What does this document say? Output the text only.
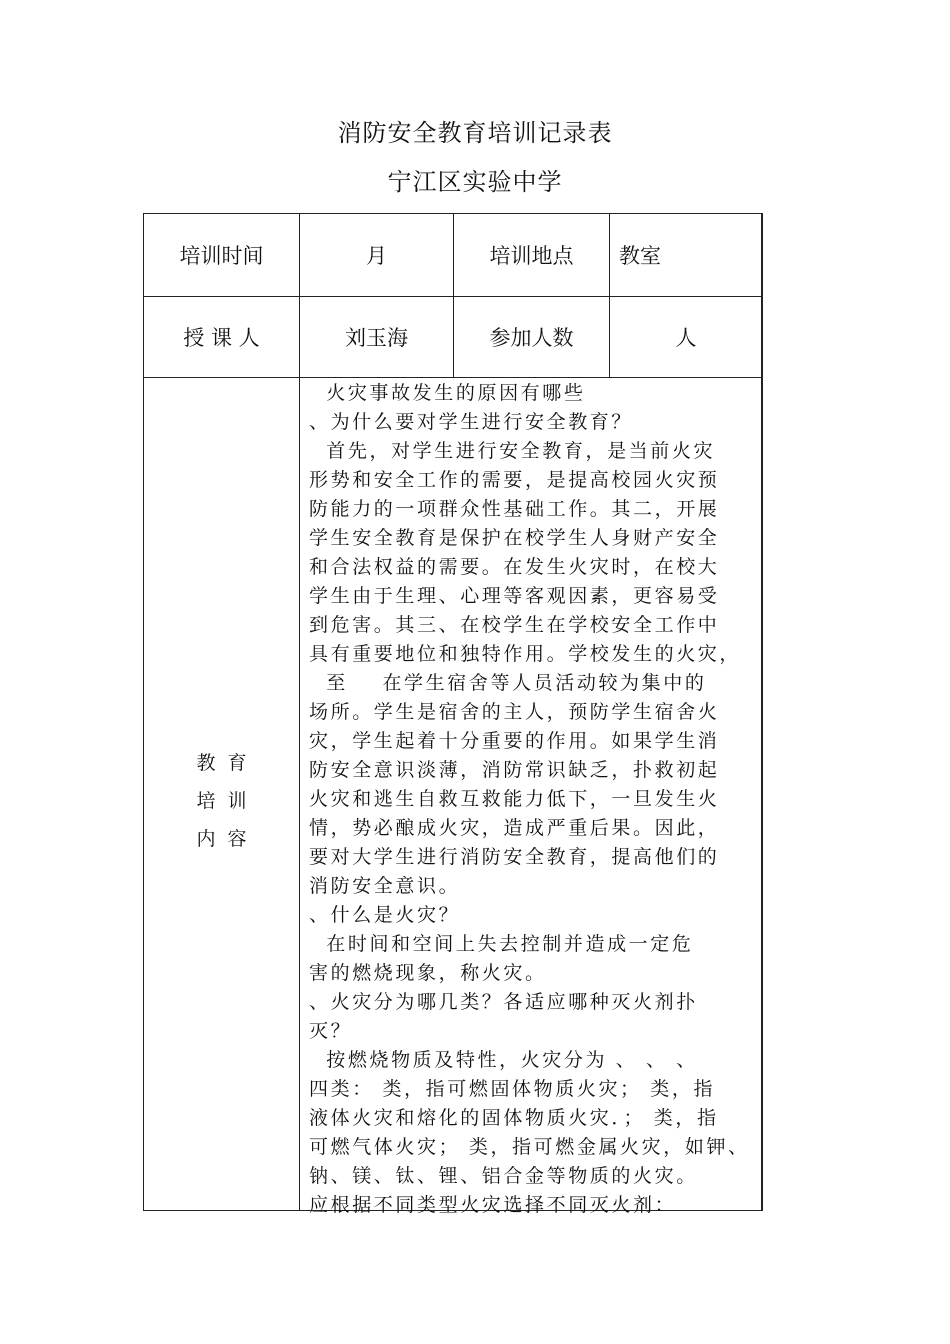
消防安全教育培训记录表
宁江区实验中学
培训时间	月	培训地点	教室
授 课 人	刘玉海	参加人数	人
教  育
培  训
内  容

火灾事故发生的原因有哪些

、为什么要对学生进行安全教育？

首先，对学生进行安全教育，是当前火灾

形势和安全工作的需要，是提高校园火灾预

防能力的一项群众性基础工作。其二，开展

学生安全教育是保护在校学生人身财产安全

和合法权益的需要。在发生火灾时，在校大

学生由于生理、心理等客观因素，更容易受

到危害。其三、在校学生在学校安全工作中

具有重要地位和独特作用。学校发生的火灾，

至    在学生宿舍等人员活动较为集中的

场所。学生是宿舍的主人，预防学生宿舍火

灾，学生起着十分重要的作用。如果学生消

防安全意识淡薄，消防常识缺乏，扑救初起

火灾和逃生自救互救能力低下，一旦发生火

情，势必酿成火灾，造成严重后果。因此，

要对大学生进行消防安全教育，提高他们的

消防安全意识。

、什么是火灾？

在时间和空间上失去控制并造成一定危

害的燃烧现象，称火灾。

、火灾分为哪几类？各适应哪种灭火剂扑

灭？

按燃烧物质及特性，火灾分为 、 、 、

四类： 类，指可燃固体物质火灾； 类，指

液体火灾和熔化的固体物质火灾．； 类，指

可燃气体火灾； 类，指可燃金属火灾，如钾、

钠、镁、钛、锂、铝合金等物质的火灾。

应根据不同类型火灾选择不同灭火剂：
